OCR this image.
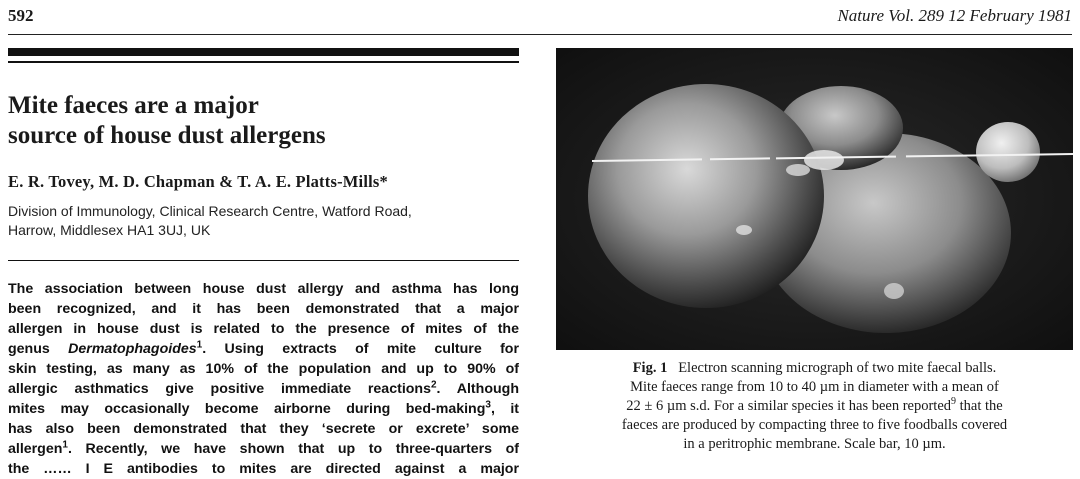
592	Nature Vol. 289 12 February 1981
Mite faeces are a major
source of house dust allergens
E. R. Tovey, M. D. Chapman & T. A. E. Platts-Mills*
Division of Immunology, Clinical Research Centre, Watford Road,
Harrow, Middlesex HA1 3UJ, UK
The association between house dust allergy and asthma has long
been recognized, and it has been demonstrated that a major
allergen in house dust is related to the presence of mites of the
genus Dermatophagoides$^1$. Using extracts of mite culture for
skin testing, as many as 10% of the population and up to 90% of
allergic asthmatics give positive immediate reactions$^2$. Although
mites may occasionally become airborne during bed-making$^3$, it
has also been demonstrated that they ‘secrete or excrete’ some
allergen$^1$. Recently, we have shown that up to three-quarters of
the …… I E antibodies to mites are directed against a major
Fig. 1 Electron scanning micrograph of two mite faecal balls.
Mite faeces range from 10 to 40 µm in diameter with a mean of
22 ± 6 µm s.d. For a similar species it has been reported$^9$ that the
faeces are produced by compacting three to five foodballs covered
in a peritrophic membrane. Scale bar, 10 µm.
